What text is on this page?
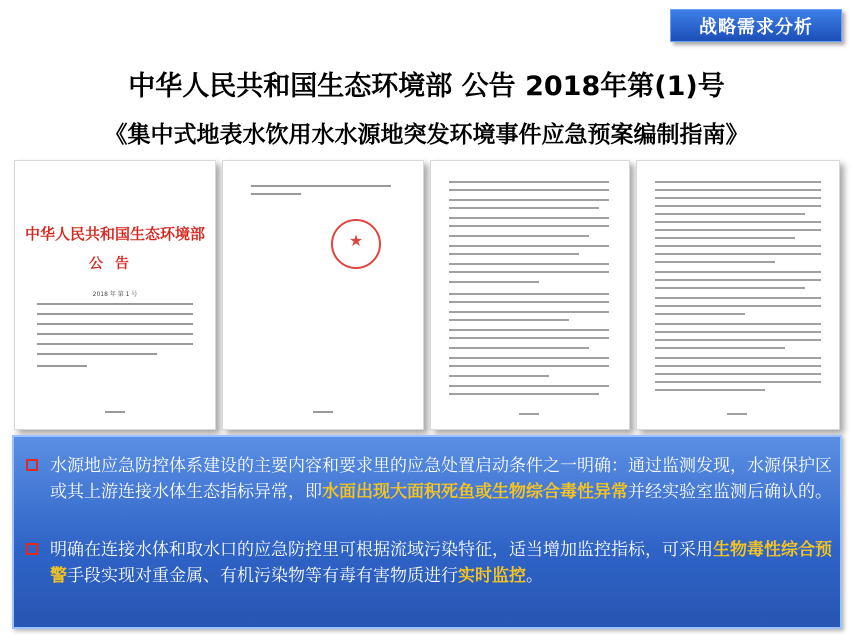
战略需求分析
中华人民共和国生态环境部 公告 2018年第(1)号
《集中式地表水饮用水水源地突发环境事件应急预案编制指南》
中华人民共和国生态环境部
公告
2018 年 第 1 号
★
水源地应急防控体系建设的主要内容和要求里的应急处置启动条件之一明确：通过监测发现，水源保护区或其上游连接水体生态指标异常，即水面出现大面积死鱼或生物综合毒性异常并经实验室监测后确认的。
明确在连接水体和取水口的应急防控里可根据流域污染特征，适当增加监控指标，可采用生物毒性综合预警手段实现对重金属、有机污染物等有毒有害物质进行实时监控。
